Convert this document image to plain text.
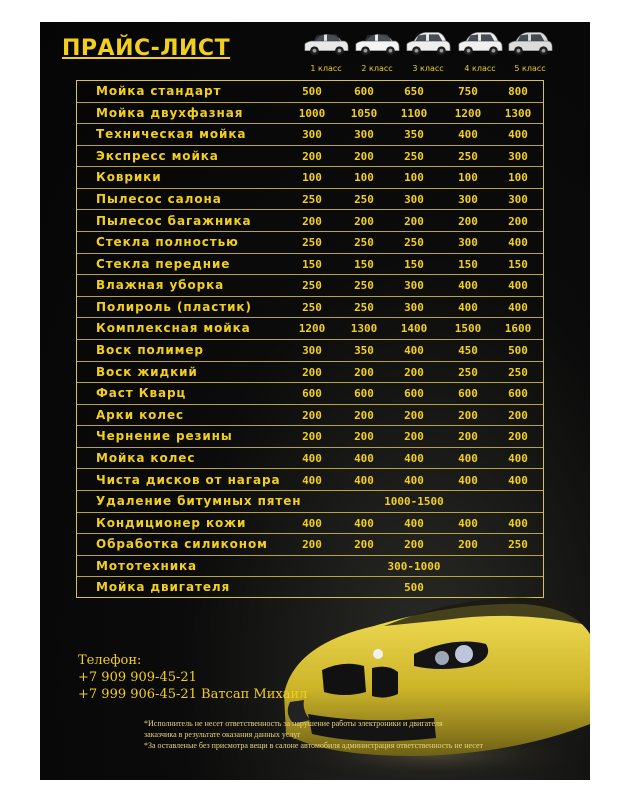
ПРАЙС-ЛИСТ
1 класс	2 класс	3 класс	4 класс	5 класс
Мойка стандарт	500	600	650	750	800
Мойка двухфазная	1000	1050	1100	1200	1300
Техническая мойка	300	300	350	400	400
Экспресс мойка	200	200	250	250	300
Коврики	100	100	100	100	100
Пылесос салона	250	250	300	300	300
Пылесос багажника	200	200	200	200	200
Стекла полностью	250	250	250	300	400
Стекла передние	150	150	150	150	150
Влажная уборка	250	250	300	400	400
Полироль (пластик)	250	250	300	400	400
Комплексная мойка	1200	1300	1400	1500	1600
Воск полимер	300	350	400	450	500
Воск жидкий	200	200	200	250	250
Фаст Кварц	600	600	600	600	600
Арки колес	200	200	200	200	200
Чернение резины	200	200	200	200	200
Мойка колес	400	400	400	400	400
Чиста дисков от нагара	400	400	400	400	400
Удаление битумных пятен	1000-1500
Кондиционер кожи	400	400	400	400	400
Обработка силиконом	200	200	200	200	250
Мототехника	300-1000
Мойка двигателя	500
Телефон:
+7 909 909-45-21
+7 999 906-45-21 Ватсап Михаил
*Исполнитель не несет ответственность за нарушение работы электроники и двигателя
заказчика в результате оказания данных услуг
*За оставленые без присмотра вещи в салоне автомобиля администрация ответственность не несет
